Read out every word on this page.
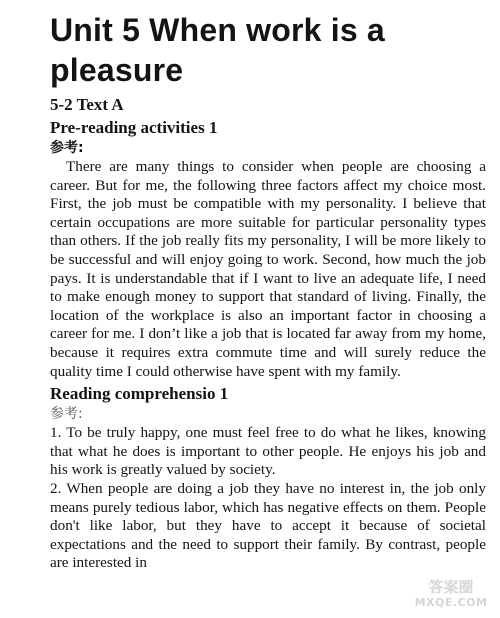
Unit 5 When work is a pleasure
5-2 Text A
Pre-reading activities 1
参考:

There are many things to consider when people are choosing a career. But for me, the following three factors affect my choice most. First, the job must be compatible with my personality. I believe that certain occupations are more suitable for particular personality types than others. If the job really fits my personality, I will be more likely to be successful and will enjoy going to work. Second, how much the job pays. It is understandable that if I want to live an adequate life, I need to make enough money to support that standard of living. Finally, the location of the workplace is also an important factor in choosing a career for me. I don’t like a job that is located far away from my home, because it requires extra commute time and will surely reduce the quality time I could otherwise have spent with my family.

Reading comprehensio 1
参考:

1. To be truly happy, one must feel free to do what he likes, knowing that what he does is important to other people. He enjoys his job and his work is greatly valued by society.

2. When people are doing a job they have no interest in, the job only means purely tedious labor, which has negative effects on them. People don't like labor, but they have to accept it because of societal expectations and the need to support their family. By contrast, people are interested in

答案圈
MXQE.COM
